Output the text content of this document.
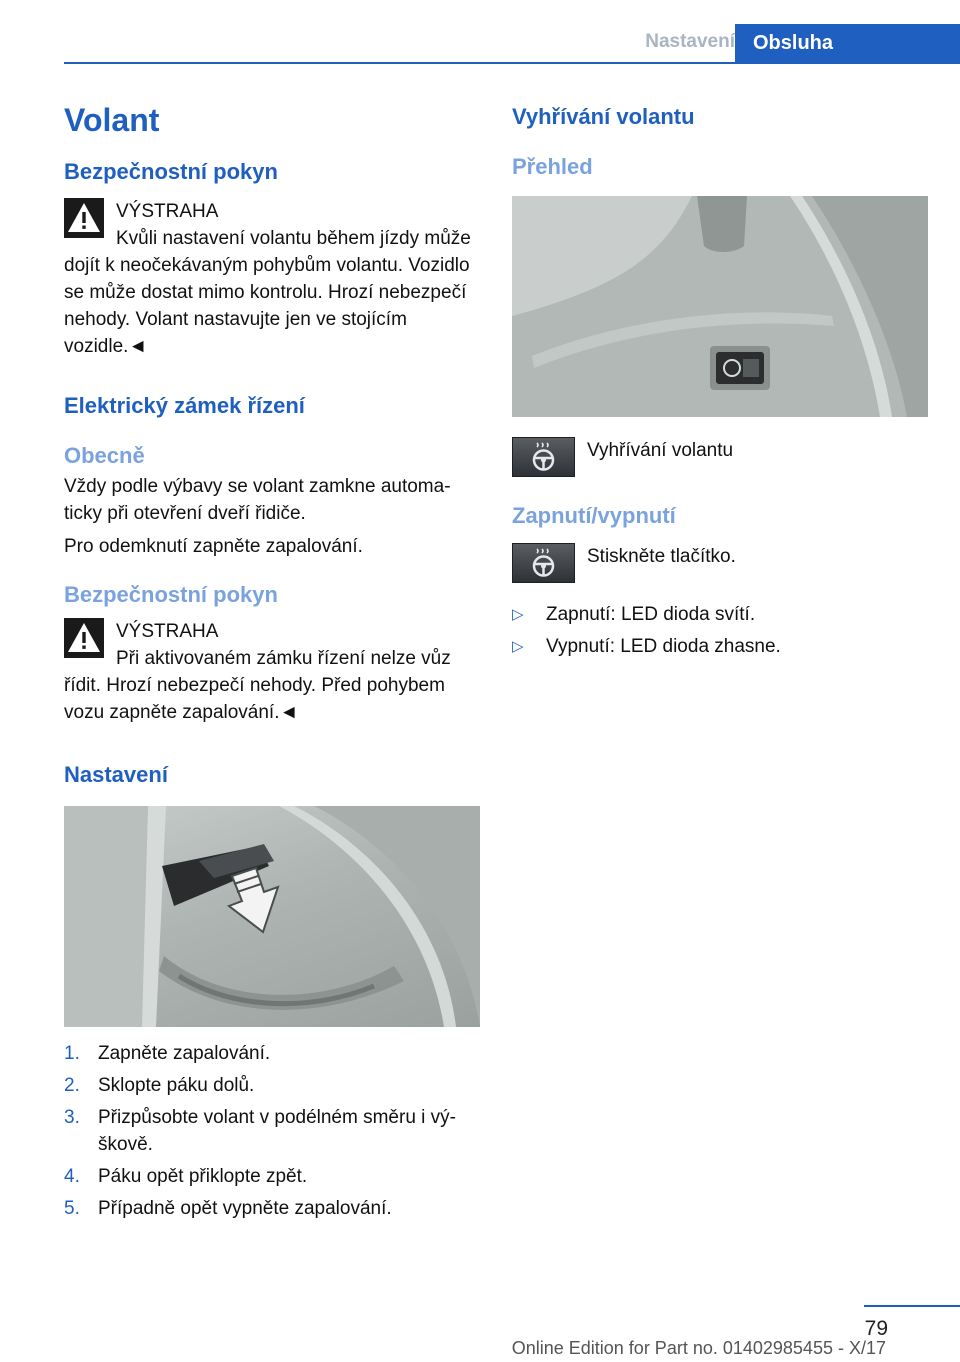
Nastavení Obsluha
Volant
Bezpečnostní pokyn
VÝSTRAHA

Kvůli nastavení volantu během jízdy může dojít k neočekávaným pohybům volantu. Vozidlo se může dostat mimo kontrolu. Hrozí nebezpečí nehody. Volant nastavujte jen ve stojícím vozidle.◄

Elektrický zámek řízení
Obecně

Vždy podle výbavy se volant zamkne automa-ticky při otevření dveří řidiče.

Pro odemknutí zapněte zapalování.

Bezpečnostní pokyn
VÝSTRAHA

Při aktivovaném zámku řízení nelze vůz řídit. Hrozí nebezpečí nehody. Před pohybem vozu zapněte zapalování.◄

Nastavení
1. Zapněte zapalování.
2. Sklopte páku dolů.
3. Přizpůsobte volant v podélném směru i vý-škově.
4. Páku opět přiklopte zpět.
5. Případně opět vypněte zapalování.
Vyhřívání volantu
Přehled

Vyhřívání volantu

Zapnutí/vypnutí

Stiskněte tlačítko.

▷ Zapnutí: LED dioda svítí.
▷ Vypnutí: LED dioda zhasne.
79
Online Edition for Part no. 01402985455 - X/17
